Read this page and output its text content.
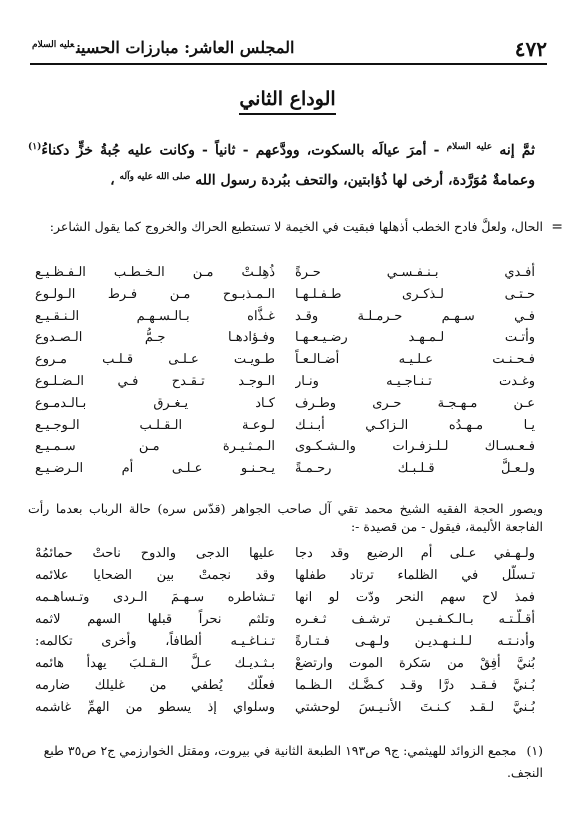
٤٧٢
المجلس العاشر: مبارزات الحسين$^{عليه السلام}$
الوداع الثاني
ثمَّ إنه $^{عليه السلام}$ - أمرَ عيالَه بالسكوت، وودَّعهم - ثانياً - وكانت عليه جُبةُ خزٍّ دكناءُ$^{(١)}$ وعمامةٌ مُوَرَّدة، أرخى لها ذُؤابتين، والتحف ببُردة رسول الله $^{صلى الله عليه وآله}$ ،
=
الحال، ولعلَّ فادح الخطب أذهلها فبقيت في الخيمة لا تستطيع الحراك والخروج كما يقول الشاعر:
أفـدي بـنـفـسـي حـرةً
ذُهِلـتْ مـن الـخـطـب الـفـظـيـع
حـتـى لـذكـرى طـفـلـهـا
الـمـذبـوح مـن فـرط الـولـوع
فـي سـهـم حـرمـلـة وقـد
غـذَّاه بـالـسـهـم الـنـقـيـع
وأتـت لـمـهـد رضـيـعـهـا
وفـؤادهـا جـمُّ الـصـدوع
فـحـنـت عـلـيـه أضـالـعـاً
طـويـت عـلـى قـلـب مـروع
وغـدت تـنـاجـيـه ونـار
الـوجـد تـقـدح فـي الـضـلـوع
عـن مـهـجـة حـرى وطـرف
كـاد يـغـرق بـالـدمـوع
يـا مـهـدُه الـزاكـي أبـنـك
لـوعـة الـقـلـب الـوجـيـع
فـعـسـاك لـلـزفـرات والـشـكـوى
الـمـثـيـرة مـن سـمـيـع
ولـعـلَّ قـلـبـك رحـمـةً
يـحـنـو عـلـى أم الـرضـيـع
ويصور الحجة الفقيه الشيخ محمد تقي آل صاحب الجواهر (قدّس سره) حالة الرباب بعدما رأت الفاجعة الأليمة، فيقول - من قصيدة -:
ولـهـفي عـلى أم الرضيع وقد دجا
عليها الدجى والدوح ناحتْ حمائمُهْ
تـسلَّل في الظلماء ترتاد طفلها
وقد نجمتْ بين الضحايا علائمه
فمذ لاح سهم النحر ودّت لو انها
تـشاطره سـهـمَ الـردى وتـساهـمه
أقـلَّـتـه بـالـكـفـيـن ترشـف ثـغـره
وتلثم نحراً قبلها السهم لاثمه
وأدنـتـه لـلـنـهـديـن ولـهـى فـتـارةً
تـنـاغـيـه ألطافاً، وأخرى تكالمه:
بُنيَّ أفِقْ من سَكرة الموت وارتضعْ
بـثـديـك عـلَّ الـقـلبَ يهدأ هائمه
بُـنيَّ فـقـد درَّا وقـد كـضَّـك الـظـما
فعلَّك يُطفي من غليلك ضارمه
بُـنيَّ لـقـد كـنـتَ الأنـيـسَ لوحشتي
وسلواي إذ يسطو من الهمِّ غاشمه
(١) مجمع الزوائد للهيثمي: ج٩ ص١٩٣ الطبعة الثانية في بيروت، ومقتل الخوارزمي ج٢ ص٣٥ طبع النجف.
